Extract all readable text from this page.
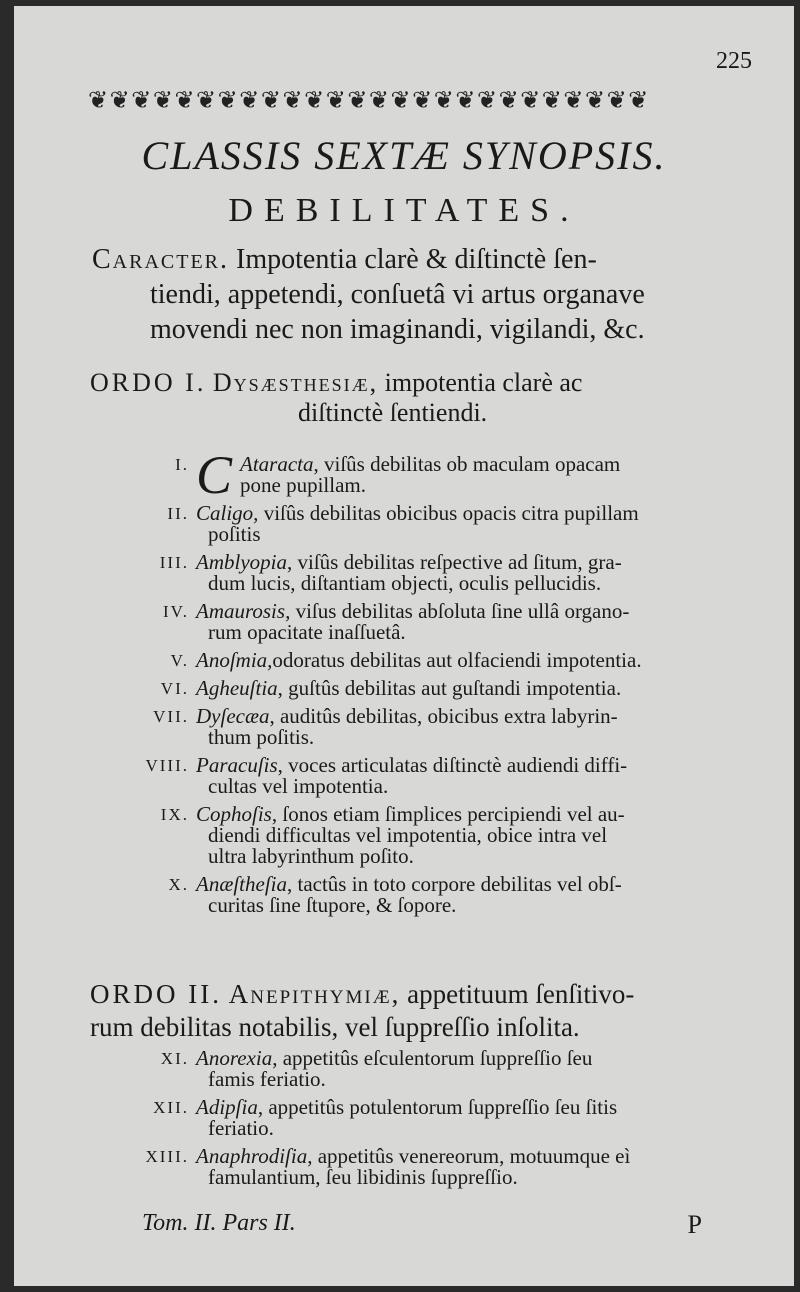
225
❦❦❦❦❦❦❦❦❦❦❦❦❦❦❦❦❦❦❦❦❦❦❦❦❦❦
CLASSIS SEXTÆ SYNOPSIS.
DEBILITATES.
Caracter. Impotentia clarè & diſtinctè ſen-
tiendi, appetendi, conſuetâ vi artus organave
movendi nec non imaginandi, vigilandi, &c.
ORDO I. Dysæsthesiæ, impotentia clarè ac
diſtinctè ſentiendi.
I. C Ataracta, viſûs debilitas ob maculam opacam
pone pupillam.
II. Caligo, viſûs debilitas obicibus opacis citra pupillam
poſitis
III. Amblyopia, viſûs debilitas reſpective ad ſitum, gra-
dum lucis, diſtantiam objecti, oculis pellucidis.
IV. Amaurosis, viſus debilitas abſoluta ſine ullâ organo-
rum opacitate inaſſuetâ.
V. Anoſmia,odoratus debilitas aut olfaciendi impotentia.
VI. Agheuſtia, guſtûs debilitas aut guſtandi impotentia.
VII. Dyſecæa, auditûs debilitas, obicibus extra labyrin-
thum poſitis.
VIII. Paracuſis, voces articulatas diſtinctè audiendi diffi-
cultas vel impotentia.
IX. Cophoſis, ſonos etiam ſimplices percipiendi vel au-
diendi difficultas vel impotentia, obice intra vel
ultra labyrinthum poſito.
X. Anæſtheſia, tactûs in toto corpore debilitas vel obſ-
curitas ſine ſtupore, & ſopore.
ORDO II. Anepithymiæ, appetituum ſenſitivo-
rum debilitas notabilis, vel ſuppreſſio inſolita.
XI. Anorexia, appetitûs eſculentorum ſuppreſſio ſeu
famis feriatio.
XII. Adipſia, appetitûs potulentorum ſuppreſſio ſeu ſitis
feriatio.
XIII. Anaphrodiſia, appetitûs venereorum, motuumque eì
famulantium, ſeu libidinis ſuppreſſio.
Tom. II. Pars II.	P
